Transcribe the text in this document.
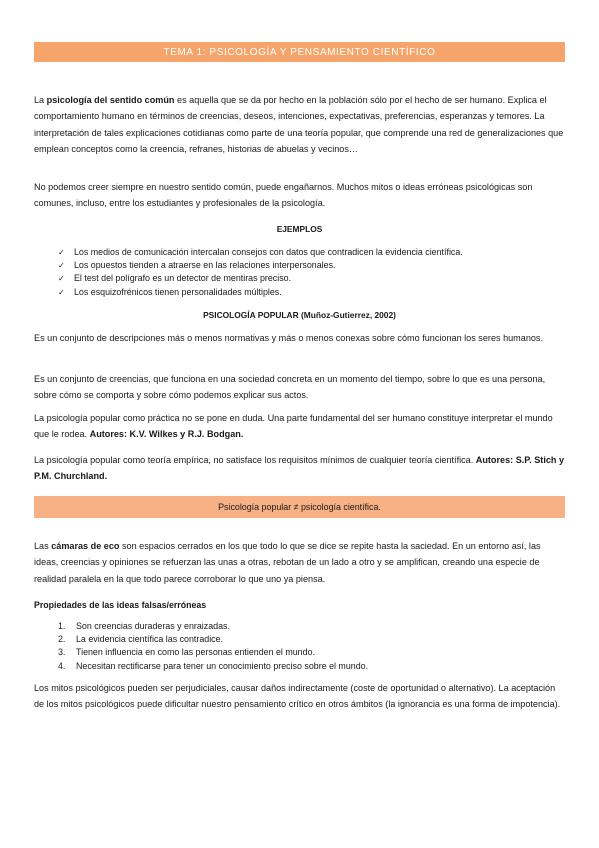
TEMA 1: PSICOLOGÍA Y PENSAMIENTO CIENTÍFICO

La psicología del sentido común es aquella que se da por hecho en la población sólo por el hecho de ser humano. Explica el comportamiento humano en términos de creencias, deseos, intenciones, expectativas, preferencias, esperanzas y temores. La interpretación de tales explicaciones cotidianas como parte de una teoría popular, que comprende una red de generalizaciones que emplean conceptos como la creencia, refranes, historias de abuelas y vecinos…

No podemos creer siempre en nuestro sentido común, puede engañarnos. Muchos mitos o ideas erróneas psicológicas son comunes, incluso, entre los estudiantes y profesionales de la psicología.

EJEMPLOS

✓ Los medios de comunicación intercalan consejos con datos que contradicen la evidencia científica.
✓ Los opuestos tienden a atraerse en las relaciones interpersonales.
✓ El test del polígrafo es un detector de mentiras preciso.
✓ Los esquizofrénicos tienen personalidades múltiples.

PSICOLOGÍA POPULAR (Muñoz-Gutierrez, 2002)

Es un conjunto de descripciones más o menos normativas y más o menos conexas sobre cómo funcionan los seres humanos.

Es un conjunto de creencias, que funciona en una sociedad concreta en un momento del tiempo, sobre lo que es una persona, sobre cómo se comporta y sobre cómo podemos explicar sus actos.

La psicología popular como práctica no se pone en duda. Una parte fundamental del ser humano constituye interpretar el mundo que le rodea. Autores: K.V. Wilkes y R.J. Bodgan.

La psicología popular como teoría empírica, no satisface los requisitos mínimos de cualquier teoría científica. Autores: S.P. Stich y P.M. Churchland.

Psicología popular ≠ psicología científica.

Las cámaras de eco son espacios cerrados en los que todo lo que se dice se repite hasta la saciedad. En un entorno así, las ideas, creencias y opiniones se refuerzan las unas a otras, rebotan de un lado a otro y se amplifican, creando una especie de realidad paralela en la que todo parece corroborar lo que uno ya piensa.

Propiedades de las ideas falsas/erróneas

1. Son creencias duraderas y enraizadas.
2. La evidencia científica las contradice.
3. Tienen influencia en como las personas entienden el mundo.
4. Necesitan rectificarse para tener un conocimiento preciso sobre el mundo.

Los mitos psicológicos pueden ser perjudiciales, causar daños indirectamente (coste de oportunidad o alternativo). La aceptación de los mitos psicológicos puede dificultar nuestro pensamiento crítico en otros ámbitos (la ignorancia es una forma de impotencia).
